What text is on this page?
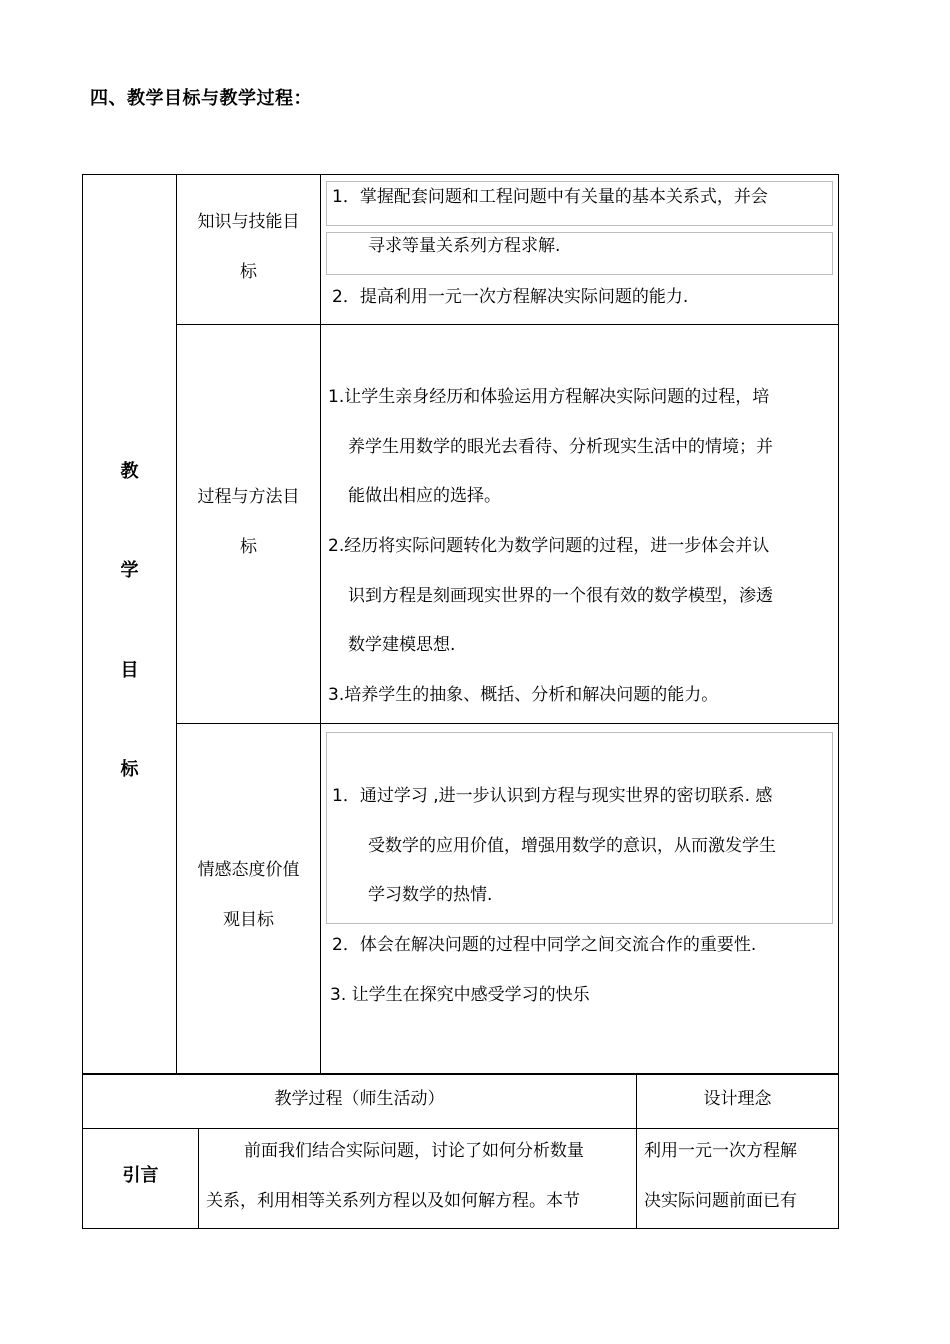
四、教学目标与教学过程：
教
学
目
标
知识与技能目
标
1．掌握配套问题和工程问题中有关量的基本关系式，并会
寻求等量关系列方程求解.
2．提高利用一元一次方程解决实际问题的能力.
过程与方法目
标
1.让学生亲身经历和体验运用方程解决实际问题的过程，培
养学生用数学的眼光去看待、分析现实生活中的情境；并
能做出相应的选择。
2.经历将实际问题转化为数学问题的过程，进一步体会并认
识到方程是刻画现实世界的一个很有效的数学模型，渗透
数学建模思想.
3.培养学生的抽象、概括、分析和解决问题的能力。
情感态度价值
观目标
1．通过学习 ,进一步认识到方程与现实世界的密切联系. 感
受数学的应用价值，增强用数学的意识，从而激发学生
学习数学的热情.
2．体会在解决问题的过程中同学之间交流合作的重要性.
3. 让学生在探究中感受学习的快乐
教学过程（师生活动）	设计理念
引言
前面我们结合实际问题，讨论了如何分析数量
关系，利用相等关系列方程以及如何解方程。本节
利用一元一次方程解
决实际问题前面已有
